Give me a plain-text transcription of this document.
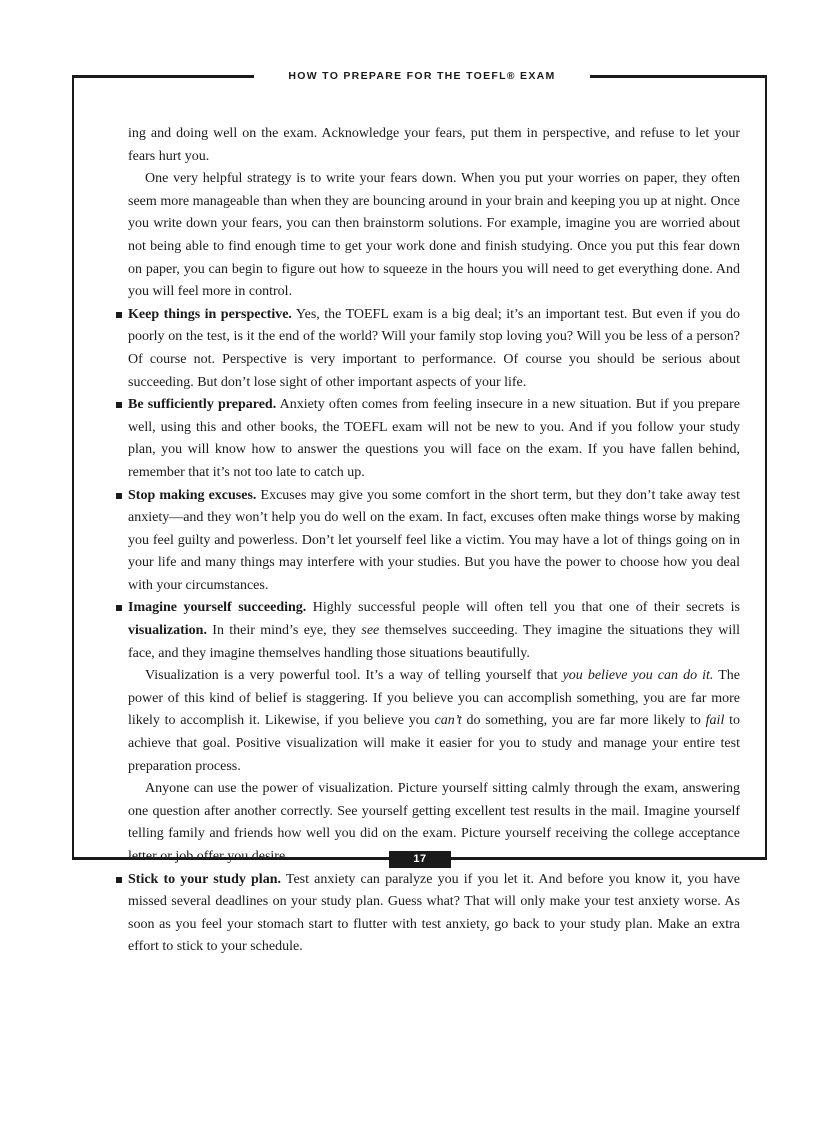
HOW TO PREPARE FOR THE TOEFL® EXAM

ing and doing well on the exam. Acknowledge your fears, put them in perspective, and refuse to let your fears hurt you.

One very helpful strategy is to write your fears down. When you put your worries on paper, they often seem more manageable than when they are bouncing around in your brain and keeping you up at night. Once you write down your fears, you can then brainstorm solutions. For example, imagine you are worried about not being able to find enough time to get your work done and finish studying. Once you put this fear down on paper, you can begin to figure out how to squeeze in the hours you will need to get everything done. And you will feel more in control.

Keep things in perspective. Yes, the TOEFL exam is a big deal; it’s an important test. But even if you do poorly on the test, is it the end of the world? Will your family stop loving you? Will you be less of a person? Of course not. Perspective is very important to performance. Of course you should be serious about succeeding. But don’t lose sight of other important aspects of your life.

Be sufficiently prepared. Anxiety often comes from feeling insecure in a new situation. But if you prepare well, using this and other books, the TOEFL exam will not be new to you. And if you follow your study plan, you will know how to answer the questions you will face on the exam. If you have fallen behind, remember that it’s not too late to catch up.

Stop making excuses. Excuses may give you some comfort in the short term, but they don’t take away test anxiety—and they won’t help you do well on the exam. In fact, excuses often make things worse by making you feel guilty and powerless. Don’t let yourself feel like a victim. You may have a lot of things going on in your life and many things may interfere with your studies. But you have the power to choose how you deal with your circumstances.

Imagine yourself succeeding. Highly successful people will often tell you that one of their secrets is visualization. In their mind’s eye, they see themselves succeeding. They imagine the situations they will face, and they imagine themselves handling those situations beautifully.

Visualization is a very powerful tool. It’s a way of telling yourself that you believe you can do it. The power of this kind of belief is staggering. If you believe you can accomplish something, you are far more likely to accomplish it. Likewise, if you believe you can’t do something, you are far more likely to fail to achieve that goal. Positive visualization will make it easier for you to study and manage your entire test preparation process.

Anyone can use the power of visualization. Picture yourself sitting calmly through the exam, answering one question after another correctly. See yourself getting excellent test results in the mail. Imagine yourself telling family and friends how well you did on the exam. Picture yourself receiving the college acceptance

Stick to your study plan. Test anxiety can paralyze you if you let it. And before you know it, you have missed several deadlines on your study plan. Guess what? That will only make your test anxiety worse. As soon as you feel your stomach start to flutter with test anxiety, go back to your study plan. Make an extra effort to stick to your schedule.

17
